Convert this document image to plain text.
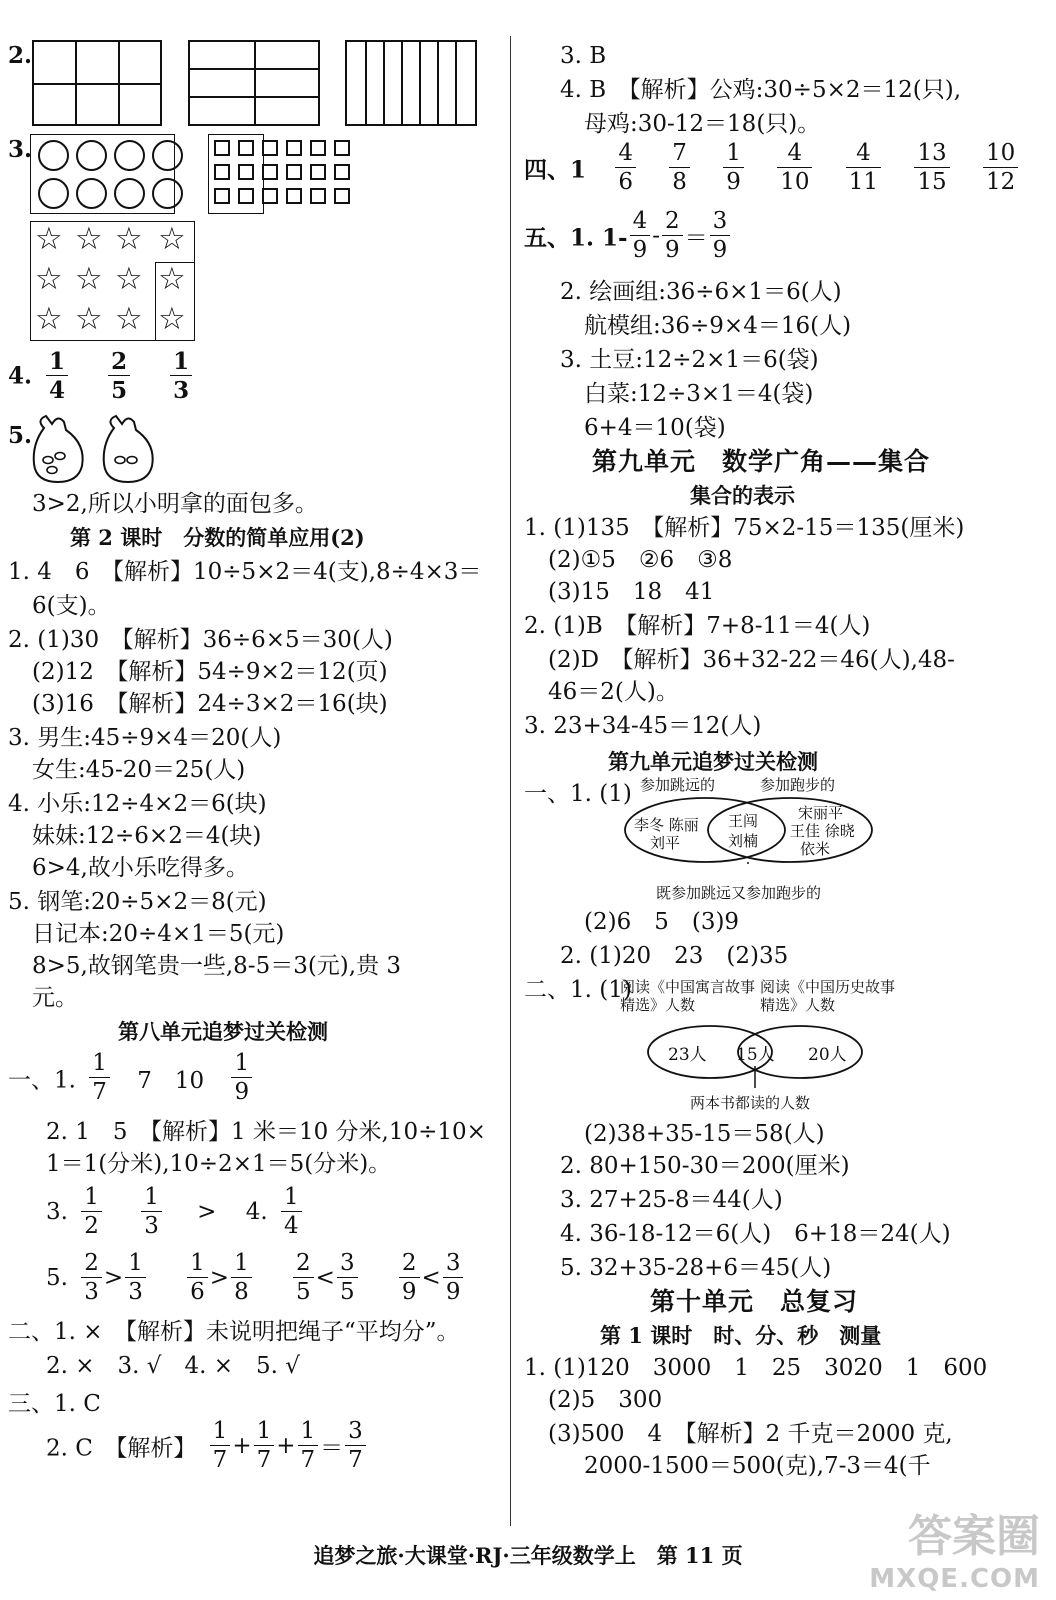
2.
3.
☆ ☆ ☆ ☆
☆ ☆ ☆ ☆
☆ ☆ ☆ ☆
4. $\frac{1}{4}$
$\frac{2}{5}$
$\frac{1}{3}$
5.
3>2,所以小明拿的面包多。
第 2 课时　分数的简单应用(2)
1. 4　6　【解析】10÷5×2＝4(支),8÷4×3＝
6(支)。
2. (1)30　【解析】36÷6×5＝30(人)
(2)12　【解析】54÷9×2＝12(页)
(3)16　【解析】24÷3×2＝16(块)
3. 男生:45÷9×4＝20(人)
女生:45-20＝25(人)
4. 小乐:12÷4×2＝6(块)
妹妹:12÷6×2＝4(块)
6>4,故小乐吃得多。
5. 钢笔:20÷5×2＝8(元)
日记本:20÷4×1＝5(元)
8>5,故钢笔贵一些,8-5＝3(元),贵 3
元。
第八单元追梦过关检测
一、1. $\frac{1}{7} 7$　$10 \frac{1}{9}$
2. 1　5　【解析】1 米＝10 分米,10÷10×
1＝1(分米),10÷2×1＝5(分米)。
3. $\frac{1}{2}$
$\frac{1}{3} > 4$. $\frac{1}{4}$
5. $\frac{2}{3} > \frac{1}{3}$
$\frac{1}{6} > \frac{1}{8}$
$\frac{2}{5} < \frac{3}{5}$
$\frac{2}{9} < \frac{3}{9}$
二、1. ×　【解析】未说明把绳子“平均分”。
2. ×　3. √　4. ×　5. √
三、1. C
2. C　【解析】 $\frac{1}{7} + \frac{1}{7} + \frac{1}{7} = \frac{3}{7}$
3. B
4. B　【解析】公鸡:30÷5×2＝12(只),
母鸡:30-12＝18(只)。
四、$1 \frac{4}{6}$
$\frac{7}{8}$
$\frac{1}{9}$
$\frac{4}{10}$
$\frac{4}{11}$
$\frac{13}{15}$
$\frac{10}{12}$
五、1. $1- \frac{4}{9} - \frac{2}{9} = \frac{3}{9}$
2. 绘画组:36÷6×1＝6(人)
航模组:36÷9×4＝16(人)
3. 土豆:12÷2×1＝6(袋)
白菜:12÷3×1＝4(袋)
6+4＝10(袋)
第九单元　数学广角——集合
集合的表示
1. (1)135　【解析】75×2-15＝135(厘米)
(2)①5　②6　③8
(3)15　18　41
2. (1)B　【解析】7+8-11＝4(人)
(2)D　【解析】36+32-22＝46(人),48-
46＝2(人)。
3. 23+34-45＝12(人)
第九单元追梦过关检测
一、1. (1) 参加跳远的	参加跑步的
李冬 陈丽
刘平
王闯
刘楠
宋丽平
王佳 徐晓
依米
既参加跳远又参加跑步的
(2)6　5　(3)9
2. (1)20　23　(2)35
二、1. (1)
阅读《中国寓言故事精选》人数
阅读《中国历史故事精选》人数
23人 15人 20人
两本书都读的人数
(2)38+35-15＝58(人)
2. 80+150-30＝200(厘米)
3. 27+25-8＝44(人)
4. 36-18-12＝6(人)　6+18＝24(人)
5. 32+35-28+6＝45(人)
第十单元　总复习
第 1 课时　时、分、秒　测量
1. (1)120　3000　1　25　3020　1　600
(2)5　300
(3)500　4　【解析】2 千克＝2000 克,
2000-1500＝500(克),7-3＝4(千
追梦之旅·大课堂·RJ·三年级数学上　第 11 页	答案圈
MXQE.COM
